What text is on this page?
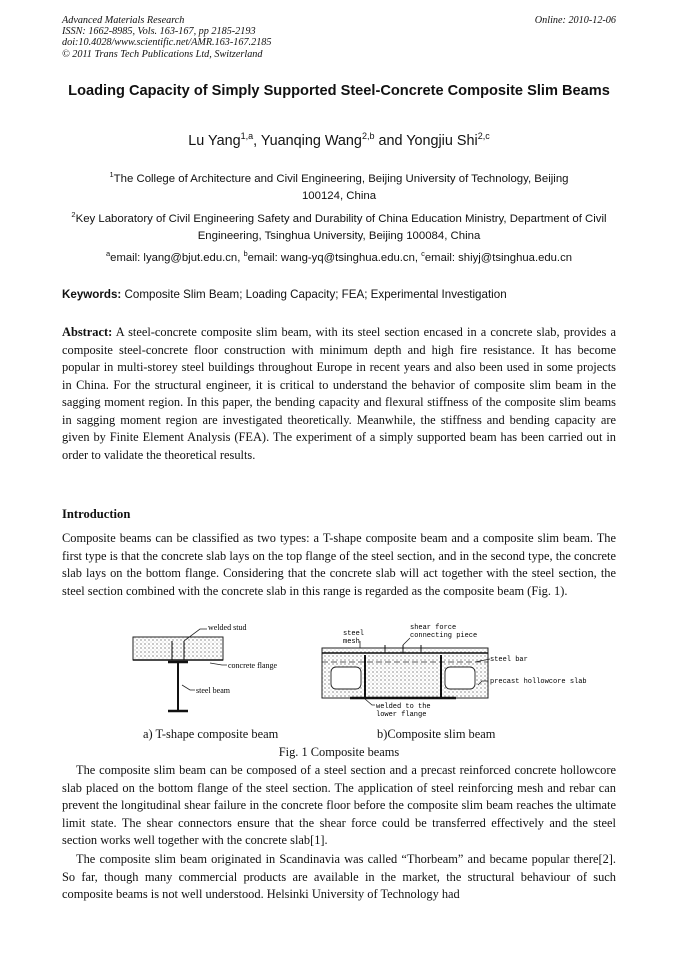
Advanced Materials Research
ISSN: 1662-8985, Vols. 163-167, pp 2185-2193
doi:10.4028/www.scientific.net/AMR.163-167.2185
© 2011 Trans Tech Publications Ltd, Switzerland
Online: 2010-12-06
Loading Capacity of Simply Supported Steel-Concrete Composite Slim Beams
Lu Yang$^{1,a}$, Yuanqing Wang$^{2,b}$ and Yongjiu Shi$^{2,c}$
$^1$The College of Architecture and Civil Engineering, Beijing University of Technology, Beijing 100124, China
$^2$Key Laboratory of Civil Engineering Safety and Durability of China Education Ministry, Department of Civil Engineering, Tsinghua University, Beijing 100084, China
$^a$email: lyang@bjut.edu.cn, $^b$email: wang-yq@tsinghua.edu.cn, $^c$email: shiyj@tsinghua.edu.cn
Keywords: Composite Slim Beam; Loading Capacity; FEA; Experimental Investigation

Abstract: A steel-concrete composite slim beam, with its steel section encased in a concrete slab, provides a composite steel-concrete floor construction with minimum depth and high fire resistance. It has become popular in multi-storey steel buildings throughout Europe in recent years and also been used in some projects in China. For the structural engineer, it is critical to understand the behavior of composite slim beam in the sagging moment region. In this paper, the bending capacity and flexural stiffness of the composite slim beams in sagging moment region are investigated theoretically. Meanwhile, the stiffness and bending capacity are given by Finite Element Analysis (FEA). The experiment of a simply supported beam has been carried out in order to validate the theoretical results.

Introduction

Composite beams can be classified as two types: a T-shape composite beam and a composite slim beam. The first type is that the concrete slab lays on the top flange of the steel section, and in the second type, the concrete slab lays on the bottom flange. Considering that the concrete slab will act together with the steel section, the steel section combined with the concrete slab in this range is regarded as the composite beam (Fig. 1).

welded stud
concrete flange
steel beam
steel
mesh
shear force
connecting piece
steel bar
precast hollowcore slab
welded to the
lower flange
a) T-shape composite beam	b)Composite slim beam
Fig. 1 Composite beams

The composite slim beam can be composed of a steel section and a precast reinforced concrete hollowcore slab placed on the bottom flange of the steel section. The application of steel reinforcing mesh and rebar can prevent the longitudinal shear failure in the concrete floor before the composite slim beam reaches the ultimate limit state. The shear connectors ensure that the shear force could be transferred effectively and the steel section works well together with the concrete slab[1].

The composite slim beam originated in Scandinavia was called “Thorbeam” and became popular there[2]. So far, though many commercial products are available in the market, the structural behaviour of such composite beams is not well understood. Helsinki University of Technology had
